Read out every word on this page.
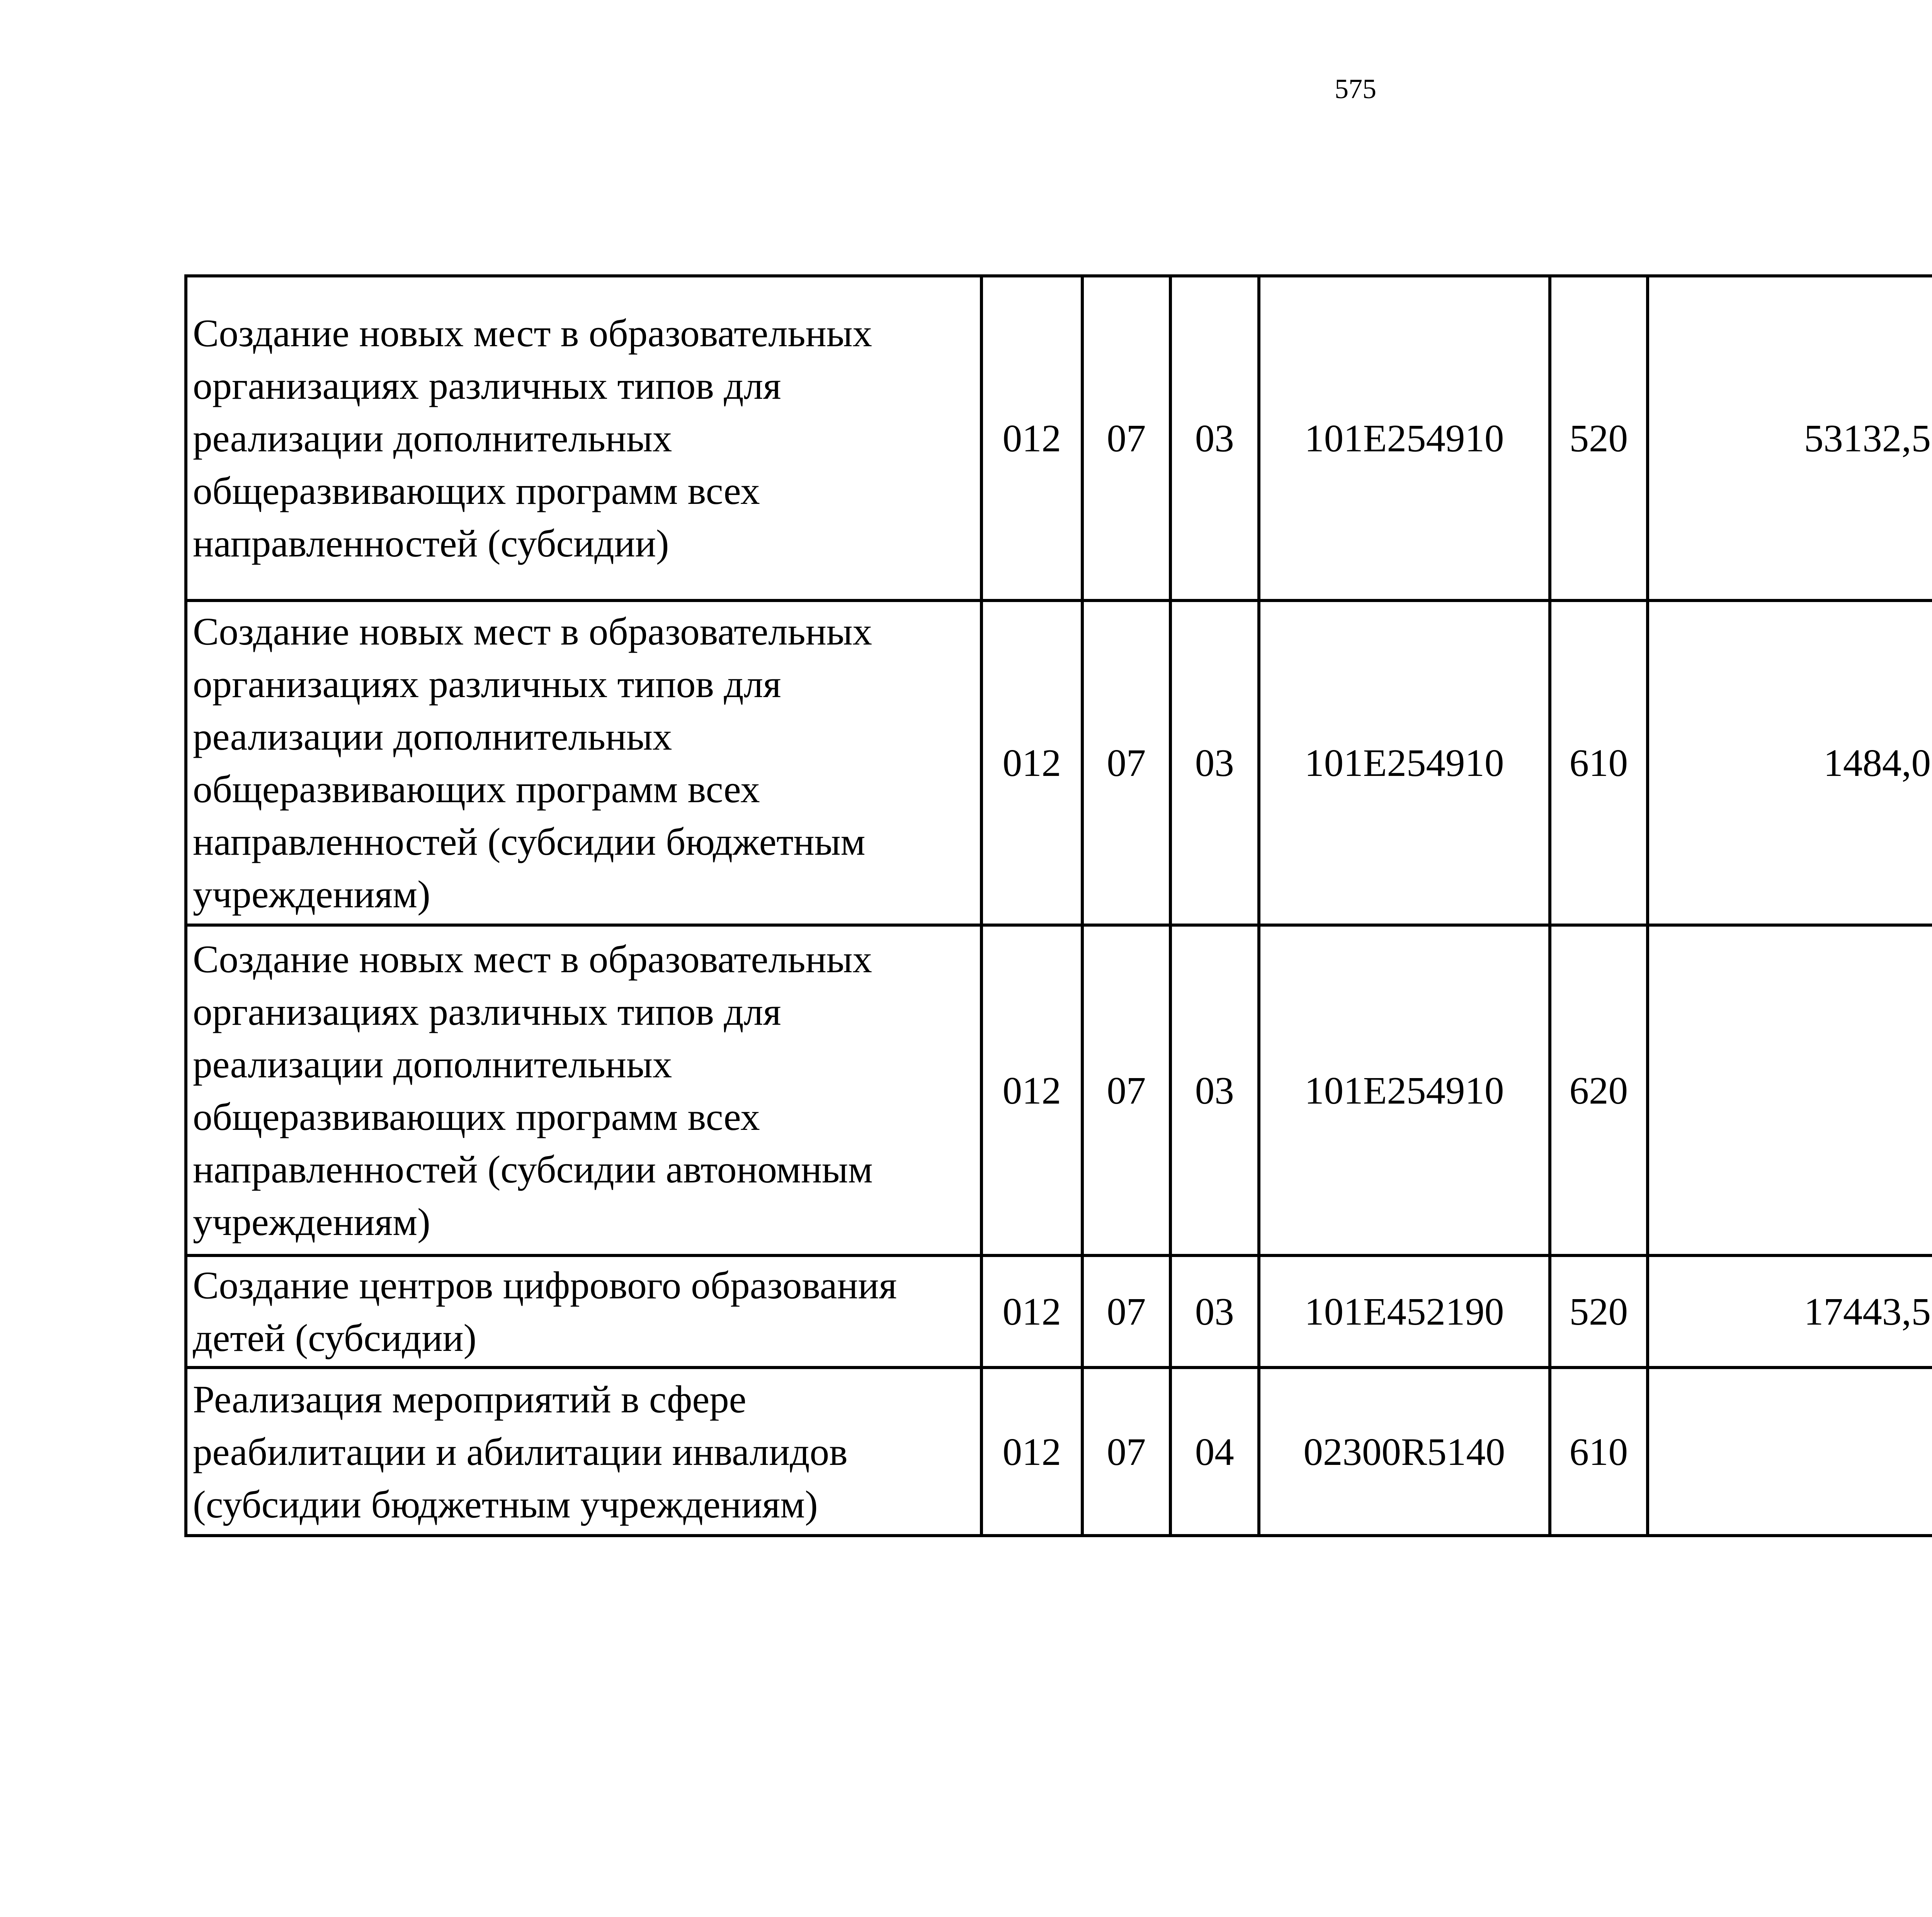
575
Создание новых мест в образовательных организациях различных типов для реализации дополнительных общеразвивающих программ всех направленностей (субсидии)	012	07	03	101E254910	520	53132,5		
Создание новых мест в образовательных организациях различных типов для реализации дополнительных общеразвивающих программ всех направленностей (субсидии бюджетным учреждениям)	012	07	03	101E254910	610	1484,0		
Создание новых мест в образовательных организациях различных типов для реализации дополнительных общеразвивающих программ всех направленностей (субсидии автономным учреждениям)	012	07	03	101E254910	620			
Создание центров цифрового образования детей (субсидии)	012	07	03	101E452190	520	17443,5		
Реализация мероприятий в сфере реабилитации и абилитации инвалидов (субсидии бюджетным учреждениям)	012	07	04	02300R5140	610			
